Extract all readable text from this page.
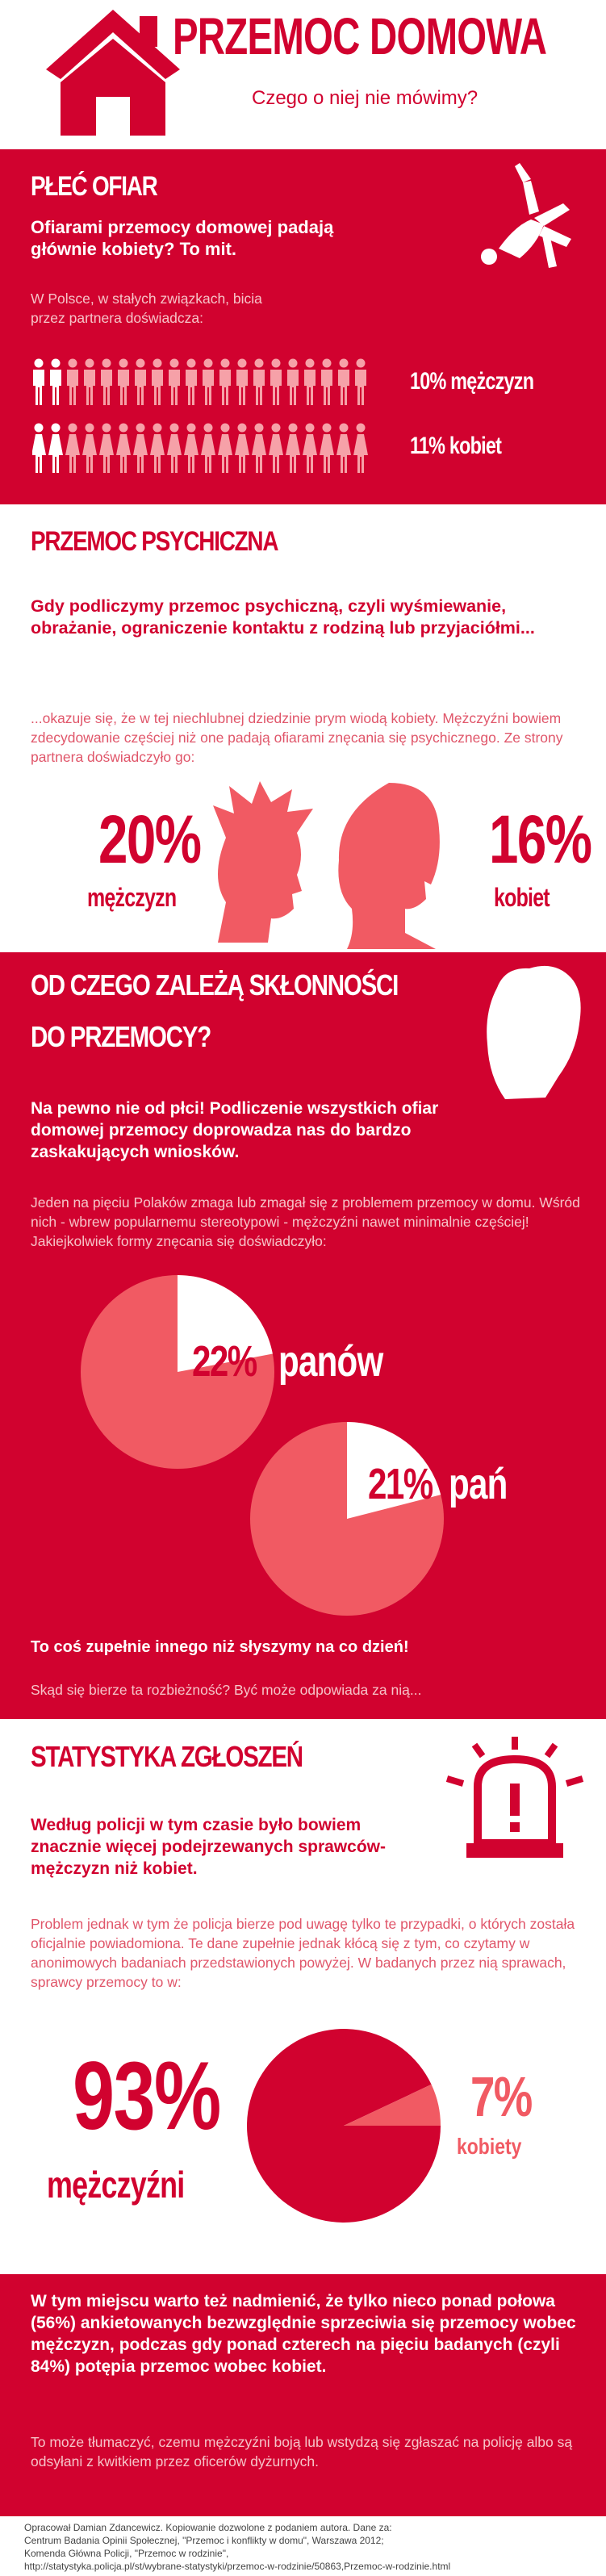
PRZEMOC DOMOWA
Czego o niej nie mówimy?
PŁEĆ OFIAR
Ofiarami przemocy domowej padają głównie kobiety? To mit.
W Polsce, w stałych związkach, bicia przez partnera doświadcza:
10% mężczyzn
11% kobiet
PRZEMOC PSYCHICZNA
Gdy podliczymy przemoc psychiczną, czyli wyśmiewanie, obrażanie, ograniczenie kontaktu z rodziną lub przyjaciółmi...
...okazuje się, że w tej niechlubnej dziedzinie prym wiodą kobiety. Mężczyźni bowiem zdecydowanie częściej niż one padają ofiarami znęcania się psychicznego. Ze strony partnera doświadczyło go:
20%
mężczyzn
16%
kobiet
OD CZEGO ZALEŻĄ SKŁONNOŚCI
DO PRZEMOCY?
Na pewno nie od płci! Podliczenie wszystkich ofiar domowej przemocy doprowadza nas do bardzo zaskakujących wniosków.
Jeden na pięciu Polaków zmaga lub zmagał się z problemem przemocy w domu. Wśród nich - wbrew popularnemu stereotypowi - mężczyźni nawet minimalnie częściej! Jakiejkolwiek formy znęcania się doświadczyło:
22% panów
21% pań
To coś zupełnie innego niż słyszymy na co dzień!
Skąd się bierze ta rozbieżność? Być może odpowiada za nią...
STATYSTYKA ZGŁOSZEŃ
Według policji w tym czasie było bowiem znacznie więcej podejrzewanych sprawców-mężczyzn niż kobiet.
Problem jednak w tym że policja bierze pod uwagę tylko te przypadki, o których została oficjalnie powiadomiona. Te dane zupełnie jednak kłócą się z tym, co czytamy w anonimowych badaniach przedstawionych powyżej. W badanych przez nią sprawach, sprawcy przemocy to w:
93%
mężczyźni
7%
kobiety
W tym miejscu warto też nadmienić, że tylko nieco ponad połowa (56%) ankietowanych bezwzględnie sprzeciwia się przemocy wobec mężczyzn, podczas gdy ponad czterech na pięciu badanych (czyli 84%) potępia przemoc wobec kobiet.
To może tłumaczyć, czemu mężczyźni boją lub wstydzą się zgłaszać na policję albo są odsyłani z kwitkiem przez oficerów dyżurnych.
Opracował Damian Zdancewicz. Kopiowanie dozwolone z podaniem autora. Dane za:
Centrum Badania Opinii Społecznej, "Przemoc i konflikty w domu", Warszawa 2012;
Komenda Główna Policji, "Przemoc w rodzinie",
http://statystyka.policja.pl/st/wybrane-statystyki/przemoc-w-rodzinie/50863,Przemoc-w-rodzinie.html
